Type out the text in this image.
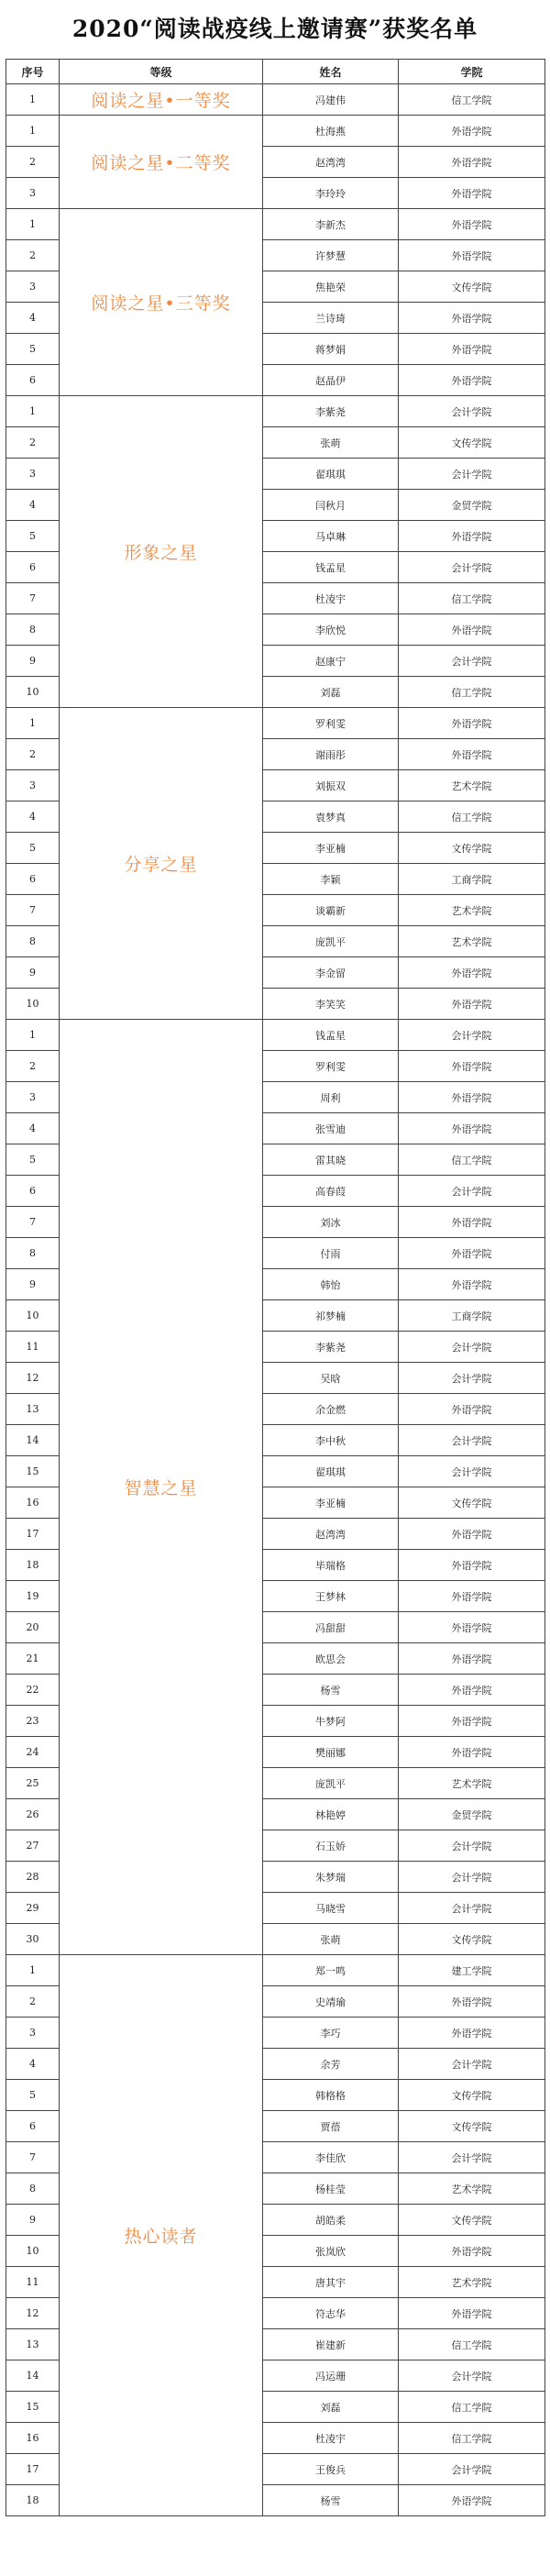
2020“阅读战疫线上邀请赛”获奖名单
序号	等级	姓名	学院
1	阅读之星•一等奖	冯建伟	信工学院
1	阅读之星•二等奖	杜海燕	外语学院
2		赵湾湾	外语学院
3		李玲玲	外语学院
1	阅读之星•三等奖	李新杰	外语学院
2		许梦慧	外语学院
3		焦艳荣	文传学院
4		兰诗琦	外语学院
5		蒋梦娟	外语学院
6		赵晶伊	外语学院
1	形象之星	李紫尧	会计学院
2		张萌	文传学院
3		翟琪琪	会计学院
4		闫秋月	金贸学院
5		马卓琳	外语学院
6		钱孟星	会计学院
7		杜凌宇	信工学院
8		李欣悦	外语学院
9		赵康宁	会计学院
10		刘磊	信工学院
1	分享之星	罗利雯	外语学院
2		谢雨彤	外语学院
3		刘振双	艺术学院
4		袁梦真	信工学院
5		李亚楠	文传学院
6		李颖	工商学院
7		谈霸新	艺术学院
8		庞凯平	艺术学院
9		李金留	外语学院
10		李笑笑	外语学院
1	智慧之星	钱孟星	会计学院
2		罗利雯	外语学院
3		周利	外语学院
4		张雪迪	外语学院
5		雷其晓	信工学院
6		高春葭	会计学院
7		刘冰	外语学院
8		付雨	外语学院
9		韩怡	外语学院
10		祁梦楠	工商学院
11		李紫尧	会计学院
12		吴晗	会计学院
13		余金燃	外语学院
14		李中秋	会计学院
15		翟琪琪	会计学院
16		李亚楠	文传学院
17		赵湾湾	外语学院
18		毕瑞格	外语学院
19		王梦林	外语学院
20		冯甜甜	外语学院
21		欧思会	外语学院
22		杨雪	外语学院
23		牛梦阿	外语学院
24		樊丽娜	外语学院
25		庞凯平	艺术学院
26		林艳婷	金贸学院
27		石玉娇	会计学院
28		朱梦瑞	会计学院
29		马晓雪	会计学院
30		张萌	文传学院
1	热心读者	郑一鸣	建工学院
2		史靖瑜	外语学院
3		李巧	外语学院
4		余芳	会计学院
5		韩格格	文传学院
6		贾蓓	文传学院
7		李佳欣	会计学院
8		杨桂莹	艺术学院
9		胡皓柔	文传学院
10		张岚欣	外语学院
11		唐其宇	艺术学院
12		符志华	外语学院
13		崔建新	信工学院
14		冯运珊	会计学院
15		刘磊	信工学院
16		杜凌宇	信工学院
17		王俊兵	会计学院
18		杨雪	外语学院
